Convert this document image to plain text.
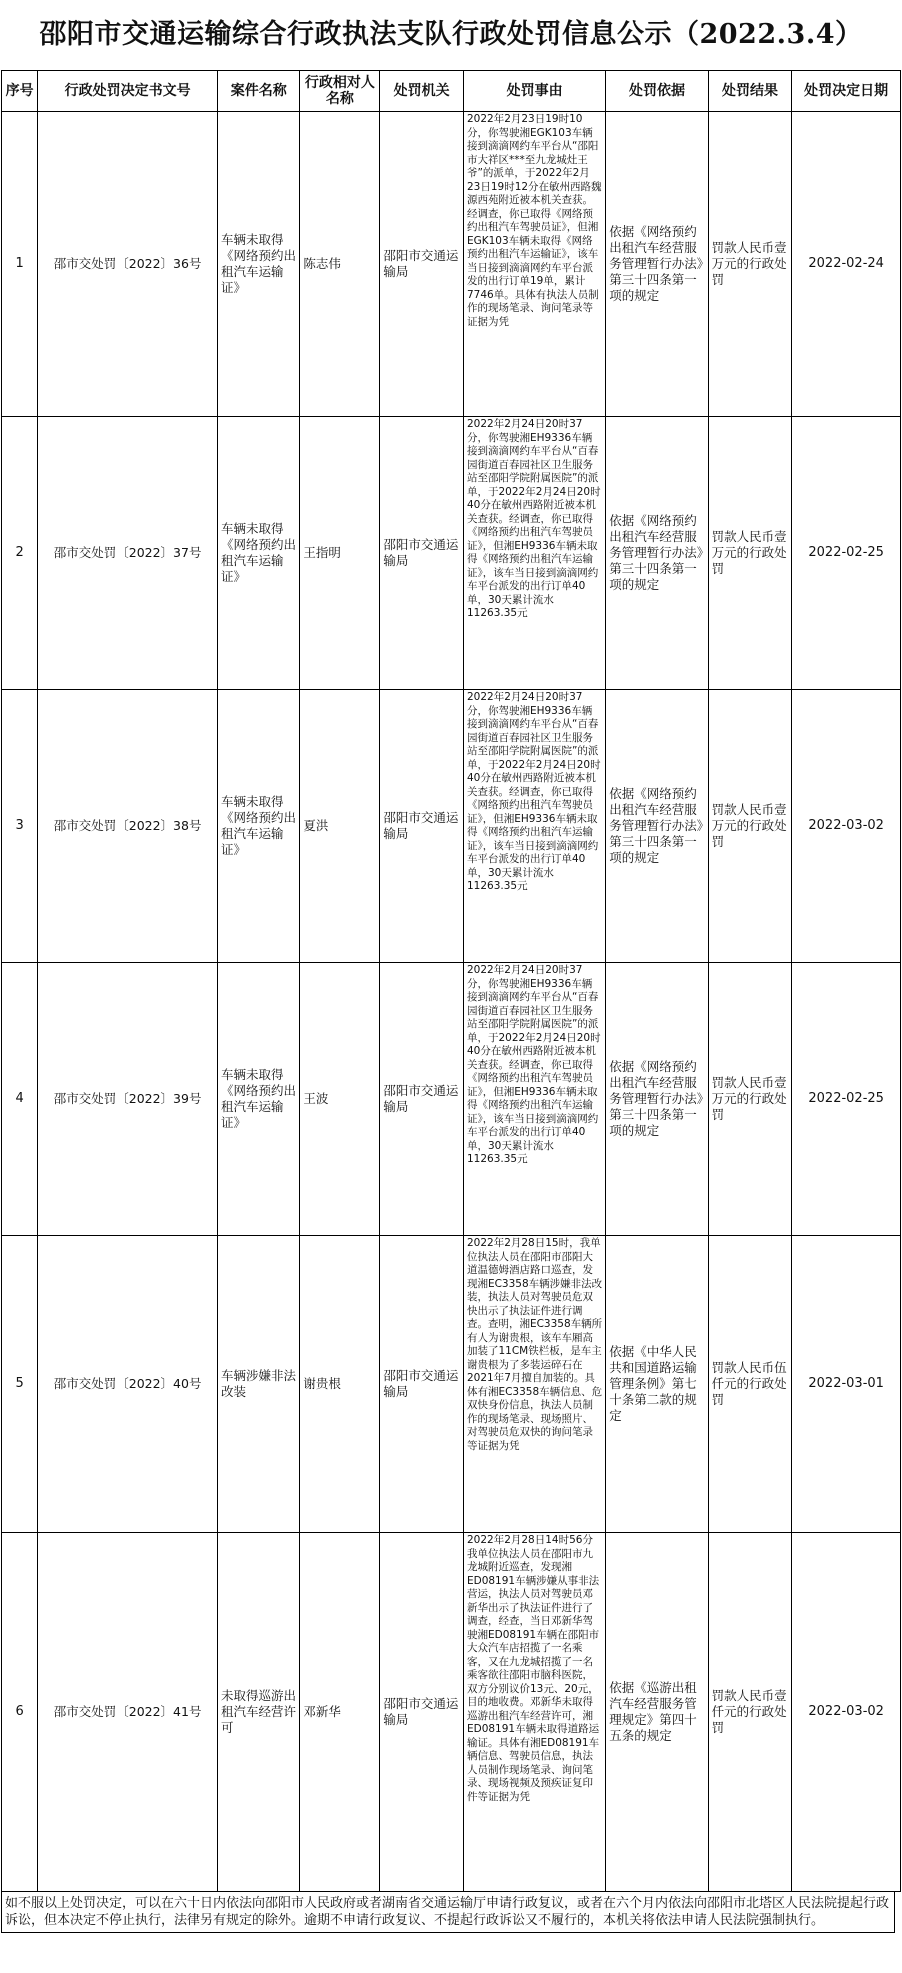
邵阳市交通运输综合行政执法支队行政处罚信息公示（2022.3.4）
序号	行政处罚决定书文号	案件名称	行政相对人名称	处罚机关	处罚事由	处罚依据	处罚结果	处罚决定日期
1	邵市交处罚〔2022〕36号	车辆未取得《网络预约出租汽车运输证》	陈志伟	邵阳市交通运输局	2022年2月23日19时10分，你驾驶湘EGK103车辆接到滴滴网约车平台从“邵阳市大祥区***至九龙城灶王爷”的派单，于2022年2月23日19时12分在敏州西路魏源西苑附近被本机关查获。经调查，你已取得《网络预约出租汽车驾驶员证》，但湘EGK103车辆未取得《网络预约出租汽车运输证》，该车当日接到滴滴网约车平台派发的出行订单19单，累计7746单。具体有执法人员制作的现场笔录、询问笔录等证据为凭	依据《网络预约出租汽车经营服务管理暂行办法》第三十四条第一项的规定	罚款人民币壹万元的行政处罚	2022-02-24
2	邵市交处罚〔2022〕37号	车辆未取得《网络预约出租汽车运输证》	王指明	邵阳市交通运输局	2022年2月24日20时37分，你驾驶湘EH9336车辆接到滴滴网约车平台从“百春园街道百春园社区卫生服务站至邵阳学院附属医院”的派单，于2022年2月24日20时40分在敏州西路附近被本机关查获。经调查，你已取得《网络预约出租汽车驾驶员证》，但湘EH9336车辆未取得《网络预约出租汽车运输证》，该车当日接到滴滴网约车平台派发的出行订单40单，30天累计流水11263.35元	依据《网络预约出租汽车经营服务管理暂行办法》第三十四条第一项的规定	罚款人民币壹万元的行政处罚	2022-02-25
3	邵市交处罚〔2022〕38号	车辆未取得《网络预约出租汽车运输证》	夏洪	邵阳市交通运输局	2022年2月24日20时37分，你驾驶湘EH9336车辆接到滴滴网约车平台从“百春园街道百春园社区卫生服务站至邵阳学院附属医院”的派单，于2022年2月24日20时40分在敏州西路附近被本机关查获。经调查，你已取得《网络预约出租汽车驾驶员证》，但湘EH9336车辆未取得《网络预约出租汽车运输证》，该车当日接到滴滴网约车平台派发的出行订单40单，30天累计流水11263.35元	依据《网络预约出租汽车经营服务管理暂行办法》第三十四条第一项的规定	罚款人民币壹万元的行政处罚	2022-03-02
4	邵市交处罚〔2022〕39号	车辆未取得《网络预约出租汽车运输证》	王波	邵阳市交通运输局	2022年2月24日20时37分，你驾驶湘EH9336车辆接到滴滴网约车平台从“百春园街道百春园社区卫生服务站至邵阳学院附属医院”的派单，于2022年2月24日20时40分在敏州西路附近被本机关查获。经调查，你已取得《网络预约出租汽车驾驶员证》，但湘EH9336车辆未取得《网络预约出租汽车运输证》，该车当日接到滴滴网约车平台派发的出行订单40单，30天累计流水11263.35元	依据《网络预约出租汽车经营服务管理暂行办法》第三十四条第一项的规定	罚款人民币壹万元的行政处罚	2022-02-25
5	邵市交处罚〔2022〕40号	车辆涉嫌非法改装	谢贵根	邵阳市交通运输局	2022年2月28日15时，我单位执法人员在邵阳市邵阳大道温德姆酒店路口巡查，发现湘EC3358车辆涉嫌非法改装，执法人员对驾驶员危双快出示了执法证件进行调查。查明，湘EC3358车辆所有人为谢贵根，该车车厢高加装了11CM铁栏板，是车主谢贵根为了多装运碎石在2021年7月擅自加装的。具体有湘EC3358车辆信息、危双快身份信息，执法人员制作的现场笔录、现场照片、对驾驶员危双快的询问笔录等证据为凭	依据《中华人民共和国道路运输管理条例》第七十条第二款的规定	罚款人民币伍仟元的行政处罚	2022-03-01
6	邵市交处罚〔2022〕41号	未取得巡游出租汽车经营许可	邓新华	邵阳市交通运输局	2022年2月28日14时56分我单位执法人员在邵阳市九龙城附近巡查，发现湘ED08191车辆涉嫌从事非法营运，执法人员对驾驶员邓新华出示了执法证件进行了调查，经查，当日邓新华驾驶湘ED08191车辆在邵阳市大众汽车店招揽了一名乘客，又在九龙城招揽了一名乘客欲往邵阳市脑科医院，双方分别议价13元、20元，目的地收费。邓新华未取得巡游出租汽车经营许可，湘ED08191车辆未取得道路运输证。具体有湘ED08191车辆信息、驾驶员信息，执法人员制作现场笔录、询问笔录、现场视频及预疾证复印件等证据为凭	依据《巡游出租汽车经营服务管理规定》第四十五条的规定	罚款人民币壹仟元的行政处罚	2022-03-02
如不服以上处罚决定，可以在六十日内依法向邵阳市人民政府或者湖南省交通运输厅申请行政复议，或者在六个月内依法向邵阳市北塔区人民法院提起行政诉讼，但本决定不停止执行，法律另有规定的除外。逾期不申请行政复议、不提起行政诉讼又不履行的，本机关将依法申请人民法院强制执行。
